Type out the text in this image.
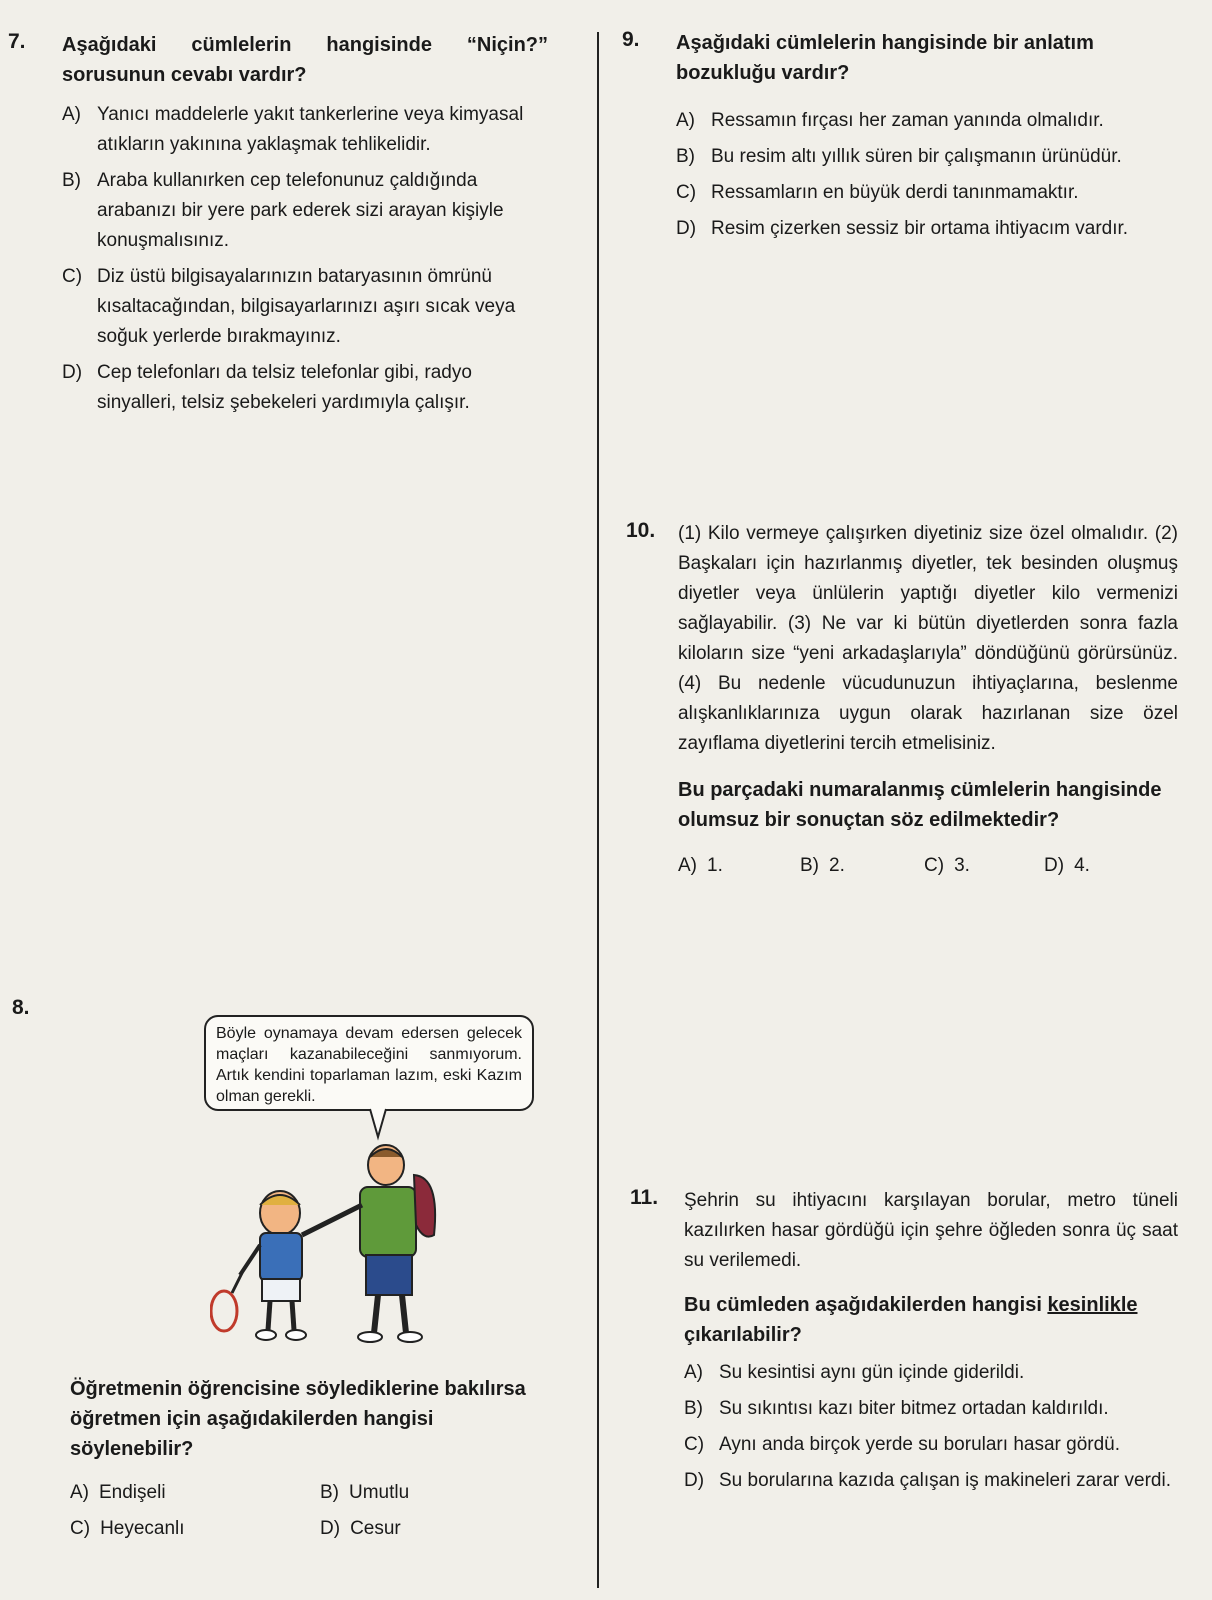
7. Aşağıdaki cümlelerin hangisinde “Niçin?” sorusunun cevabı vardır?
A) Yanıcı maddelerle yakıt tankerlerine veya kimyasal atıkların yakınına yaklaşmak tehlikelidir.
B) Araba kullanırken cep telefonunuz çaldığında arabanızı bir yere park ederek sizi arayan kişiyle konuşmalısınız.
C) Diz üstü bilgisayalarınızın bataryasının ömrünü kısaltacağından, bilgisayarlarınızı aşırı sıcak veya soğuk yerlerde bırakmayınız.
D) Cep telefonları da telsiz telefonlar gibi, radyo sinyalleri, telsiz şebekeleri yardımıyla çalışır.
8.
Böyle oynamaya devam edersen gelecek maçları kazanabileceğini sanmıyorum. Artık kendini toparlaman lazım, eski Kazım olman gerekli.
Öğretmenin öğrencisine söylediklerine bakılırsa öğretmen için aşağıdakilerden hangisi söylenebilir?
A) Endişeli	B) Umutlu
C) Heyecanlı	D) Cesur
9. Aşağıdaki cümlelerin hangisinde bir anlatım bozukluğu vardır?
A) Ressamın fırçası her zaman yanında olmalıdır.
B) Bu resim altı yıllık süren bir çalışmanın ürünüdür.
C) Ressamların en büyük derdi tanınmamaktır.
D) Resim çizerken sessiz bir ortama ihtiyacım vardır.
10. (1) Kilo vermeye çalışırken diyetiniz size özel olmalıdır. (2) Başkaları için hazırlanmış diyetler, tek besinden oluşmuş diyetler veya ünlülerin yaptığı diyetler kilo vermenizi sağlayabilir. (3) Ne var ki bütün diyetlerden sonra fazla kiloların size “yeni arkadaşlarıyla” döndüğünü görürsünüz. (4) Bu nedenle vücudunuzun ihtiyaçlarına, beslenme alışkanlıklarınıza uygun olarak hazırlanan size özel zayıflama diyetlerini tercih etmelisiniz.
Bu parçadaki numaralanmış cümlelerin hangisinde olumsuz bir sonuçtan söz edilmektedir?
A) 1.	B) 2.	C) 3.	D) 4.
11. Şehrin su ihtiyacını karşılayan borular, metro tüneli kazılırken hasar gördüğü için şehre öğleden sonra üç saat su verilemedi.
Bu cümleden aşağıdakilerden hangisi kesinlikle çıkarılabilir?
A) Su kesintisi aynı gün içinde giderildi.
B) Su sıkıntısı kazı biter bitmez ortadan kaldırıldı.
C) Aynı anda birçok yerde su boruları hasar gördü.
D) Su borularına kazıda çalışan iş makineleri zarar verdi.
